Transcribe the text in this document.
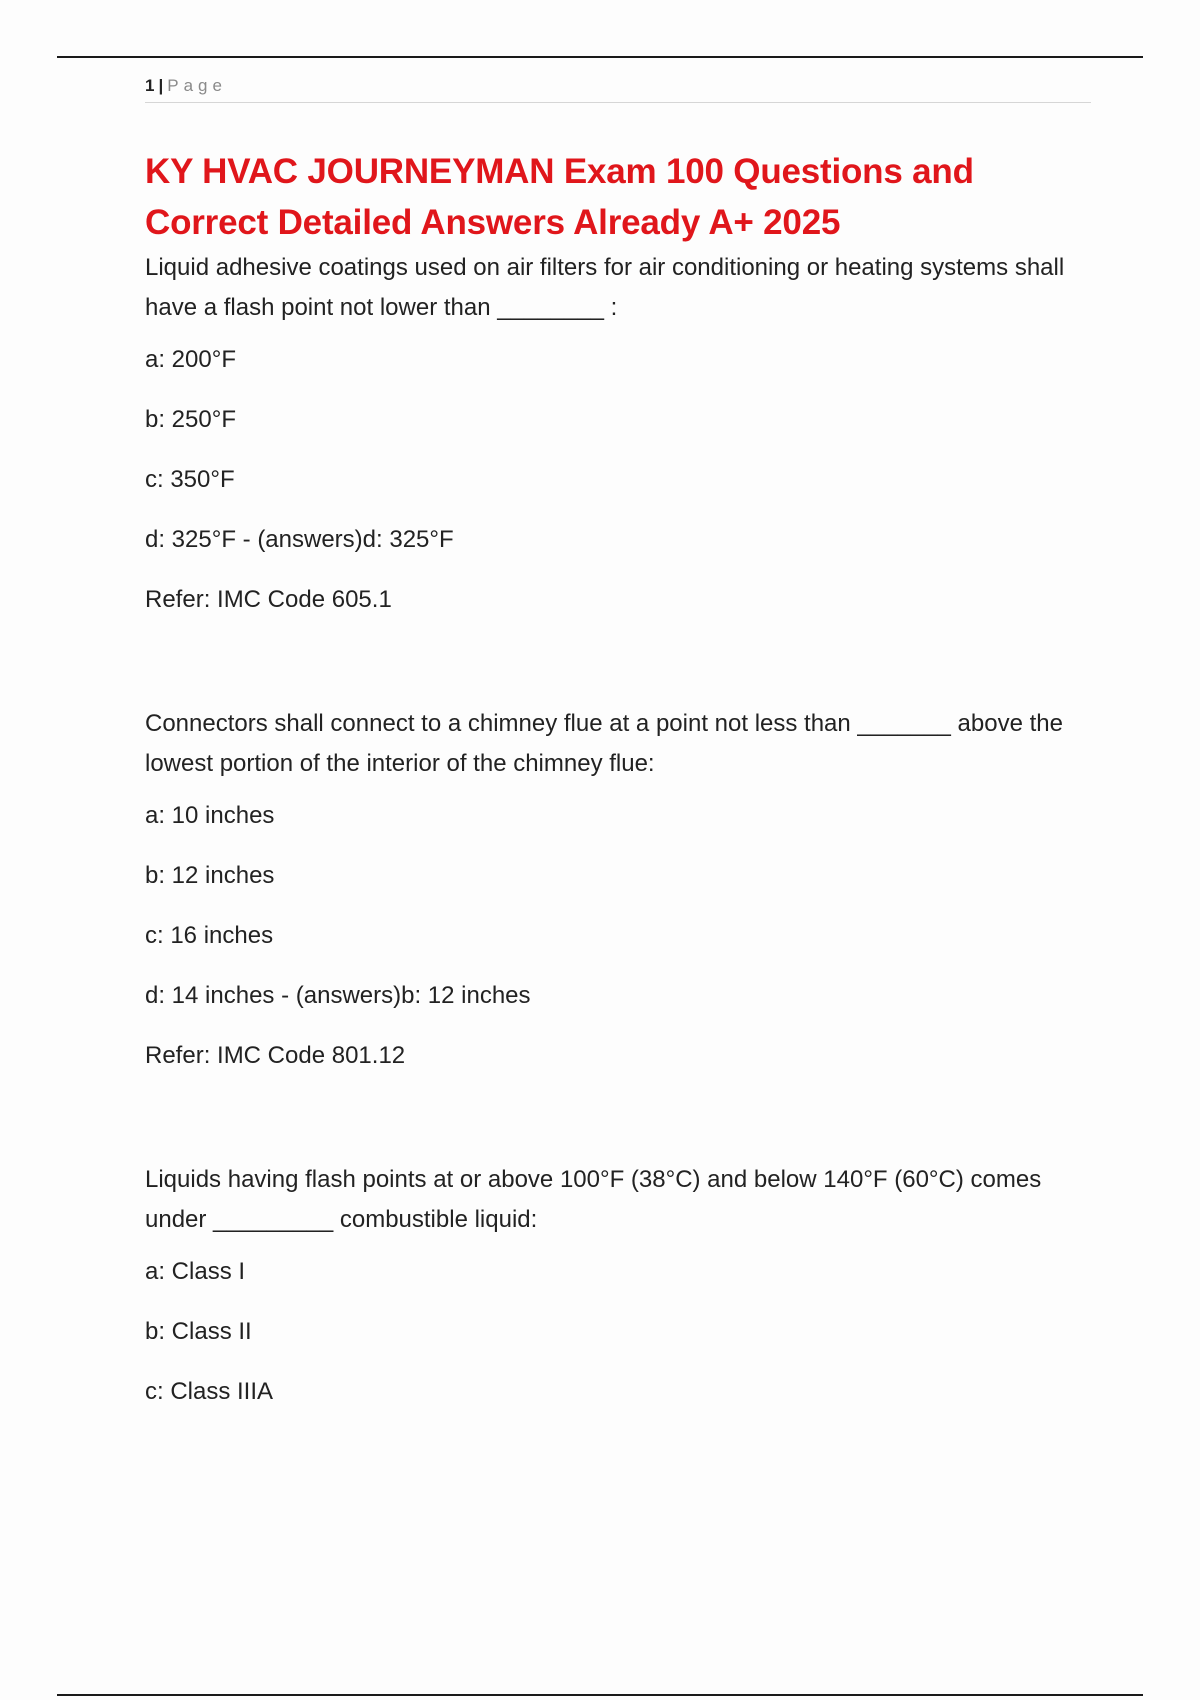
1 | Page
KY HVAC JOURNEYMAN Exam 100 Questions and Correct Detailed Answers Already A+ 2025

Liquid adhesive coatings used on air filters for air conditioning or heating systems shall have a flash point not lower than ________ :

a: 200°F

b: 250°F

c: 350°F

d: 325°F - (answers)d: 325°F

Refer: IMC Code 605.1

Connectors shall connect to a chimney flue at a point not less than _______ above the lowest portion of the interior of the chimney flue:

a: 10 inches

b: 12 inches

c: 16 inches

d: 14 inches - (answers)b: 12 inches

Refer: IMC Code 801.12

Liquids having flash points at or above 100°F (38°C) and below 140°F (60°C) comes under _________ combustible liquid:

a: Class I

b: Class II

c: Class IIIA
